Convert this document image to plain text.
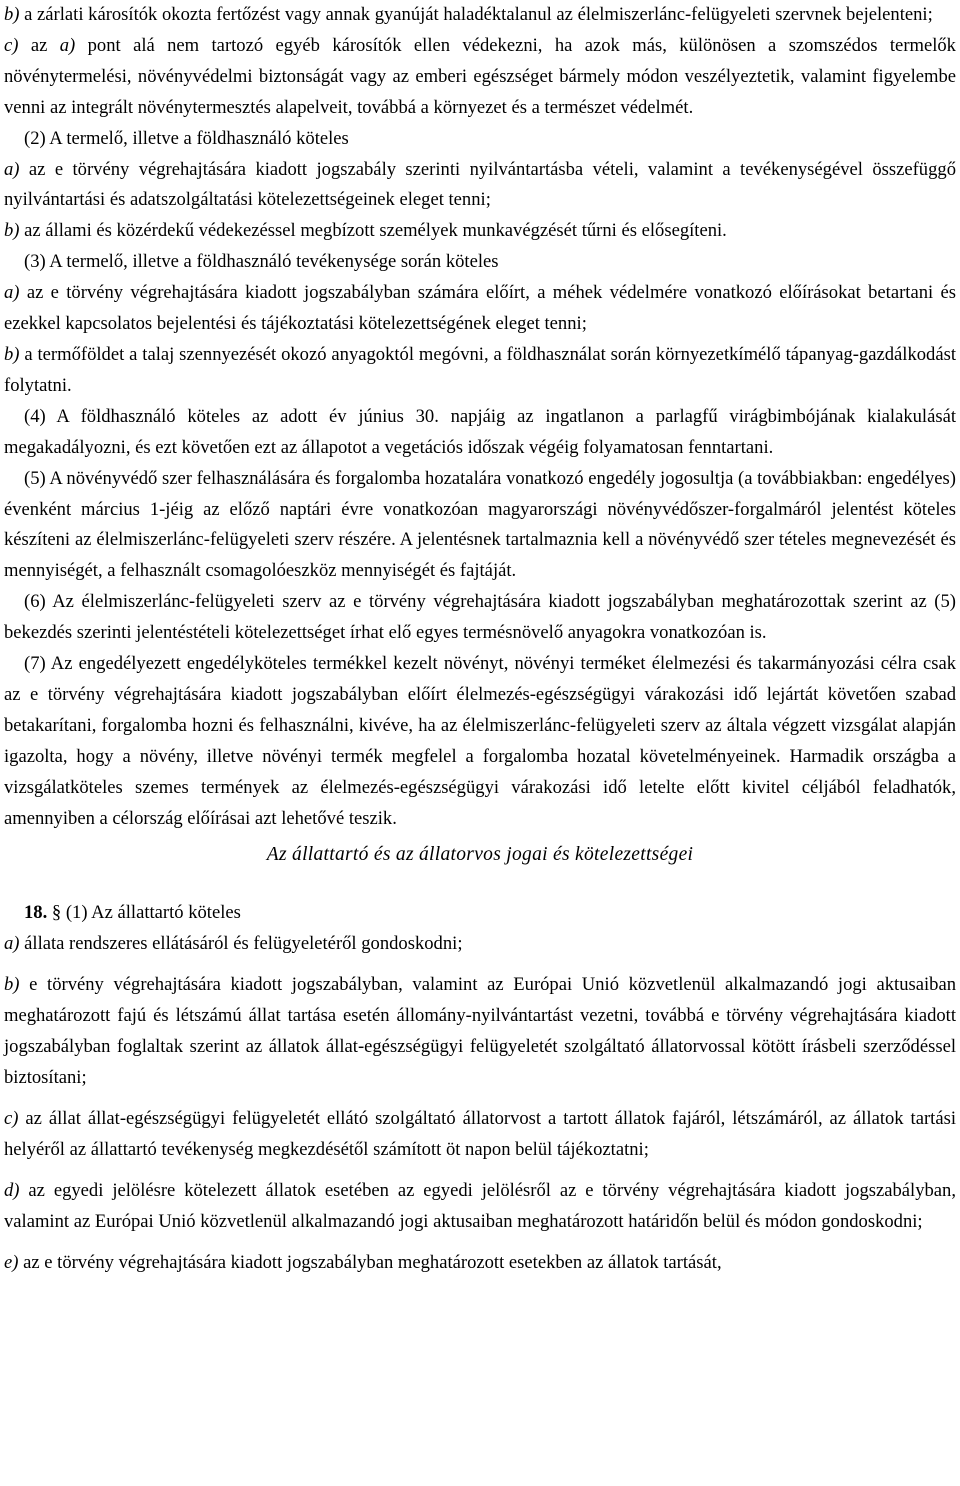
b) a zárlati károsítók okozta fertőzést vagy annak gyanúját haladéktalanul az élelmiszerlánc-felügyeleti szervnek bejelenteni;

c) az a) pont alá nem tartozó egyéb károsítók ellen védekezni, ha azok más, különösen a szomszédos termelők növénytermelési, növényvédelmi biztonságát vagy az emberi egészséget bármely módon veszélyeztetik, valamint figyelembe venni az integrált növénytermesztés alapelveit, továbbá a környezet és a természet védelmét.

(2) A termelő, illetve a földhasználó köteles

a) az e törvény végrehajtására kiadott jogszabály szerinti nyilvántartásba vételi, valamint a tevékenységével összefüggő nyilvántartási és adatszolgáltatási kötelezettségeinek eleget tenni;

b) az állami és közérdekű védekezéssel megbízott személyek munkavégzését tűrni és elősegíteni.

(3) A termelő, illetve a földhasználó tevékenysége során köteles

a) az e törvény végrehajtására kiadott jogszabályban számára előírt, a méhek védelmére vonatkozó előírásokat betartani és ezekkel kapcsolatos bejelentési és tájékoztatási kötelezettségének eleget tenni;

b) a termőföldet a talaj szennyezését okozó anyagoktól megóvni, a földhasználat során környezetkímélő tápanyag-gazdálkodást folytatni.

(4) A földhasználó köteles az adott év június 30. napjáig az ingatlanon a parlagfű virágbimbójának kialakulását megakadályozni, és ezt követően ezt az állapotot a vegetációs időszak végéig folyamatosan fenntartani.

(5) A növényvédő szer felhasználására és forgalomba hozatalára vonatkozó engedély jogosultja (a továbbiakban: engedélyes) évenként március 1-jéig az előző naptári évre vonatkozóan magyarországi növényvédőszer-forgalmáról jelentést köteles készíteni az élelmiszerlánc-felügyeleti szerv részére. A jelentésnek tartalmaznia kell a növényvédő szer tételes megnevezését és mennyiségét, a felhasznált csomagolóeszköz mennyiségét és fajtáját.

(6) Az élelmiszerlánc-felügyeleti szerv az e törvény végrehajtására kiadott jogszabályban meghatározottak szerint az (5) bekezdés szerinti jelentéstételi kötelezettséget írhat elő egyes termésnövelő anyagokra vonatkozóan is.

(7) Az engedélyezett engedélyköteles termékkel kezelt növényt, növényi terméket élelmezési és takarmányozási célra csak az e törvény végrehajtására kiadott jogszabályban előírt élelmezés-egészségügyi várakozási idő lejártát követően szabad betakarítani, forgalomba hozni és felhasználni, kivéve, ha az élelmiszerlánc-felügyeleti szerv az általa végzett vizsgálat alapján igazolta, hogy a növény, illetve növényi termék megfelel a forgalomba hozatal követelményeinek. Harmadik országba a vizsgálatköteles szemes termények az élelmezés-egészségügyi várakozási idő letelte előtt kivitel céljából feladhatók, amennyiben a célország előírásai azt lehetővé teszik.

Az állattartó és az állatorvos jogai és kötelezettségei

18. § (1) Az állattartó köteles

a) állata rendszeres ellátásáról és felügyeletéről gondoskodni;

b) e törvény végrehajtására kiadott jogszabályban, valamint az Európai Unió közvetlenül alkalmazandó jogi aktusaiban meghatározott fajú és létszámú állat tartása esetén állomány-nyilvántartást vezetni, továbbá e törvény végrehajtására kiadott jogszabályban foglaltak szerint az állatok állat-egészségügyi felügyeletét szolgáltató állatorvossal kötött írásbeli szerződéssel biztosítani;

c) az állat állat-egészségügyi felügyeletét ellátó szolgáltató állatorvost a tartott állatok fajáról, létszámáról, az állatok tartási helyéről az állattartó tevékenység megkezdésétől számított öt napon belül tájékoztatni;

d) az egyedi jelölésre kötelezett állatok esetében az egyedi jelölésről az e törvény végrehajtására kiadott jogszabályban, valamint az Európai Unió közvetlenül alkalmazandó jogi aktusaiban meghatározott határidőn belül és módon gondoskodni;

e) az e törvény végrehajtására kiadott jogszabályban meghatározott esetekben az állatok tartását,
